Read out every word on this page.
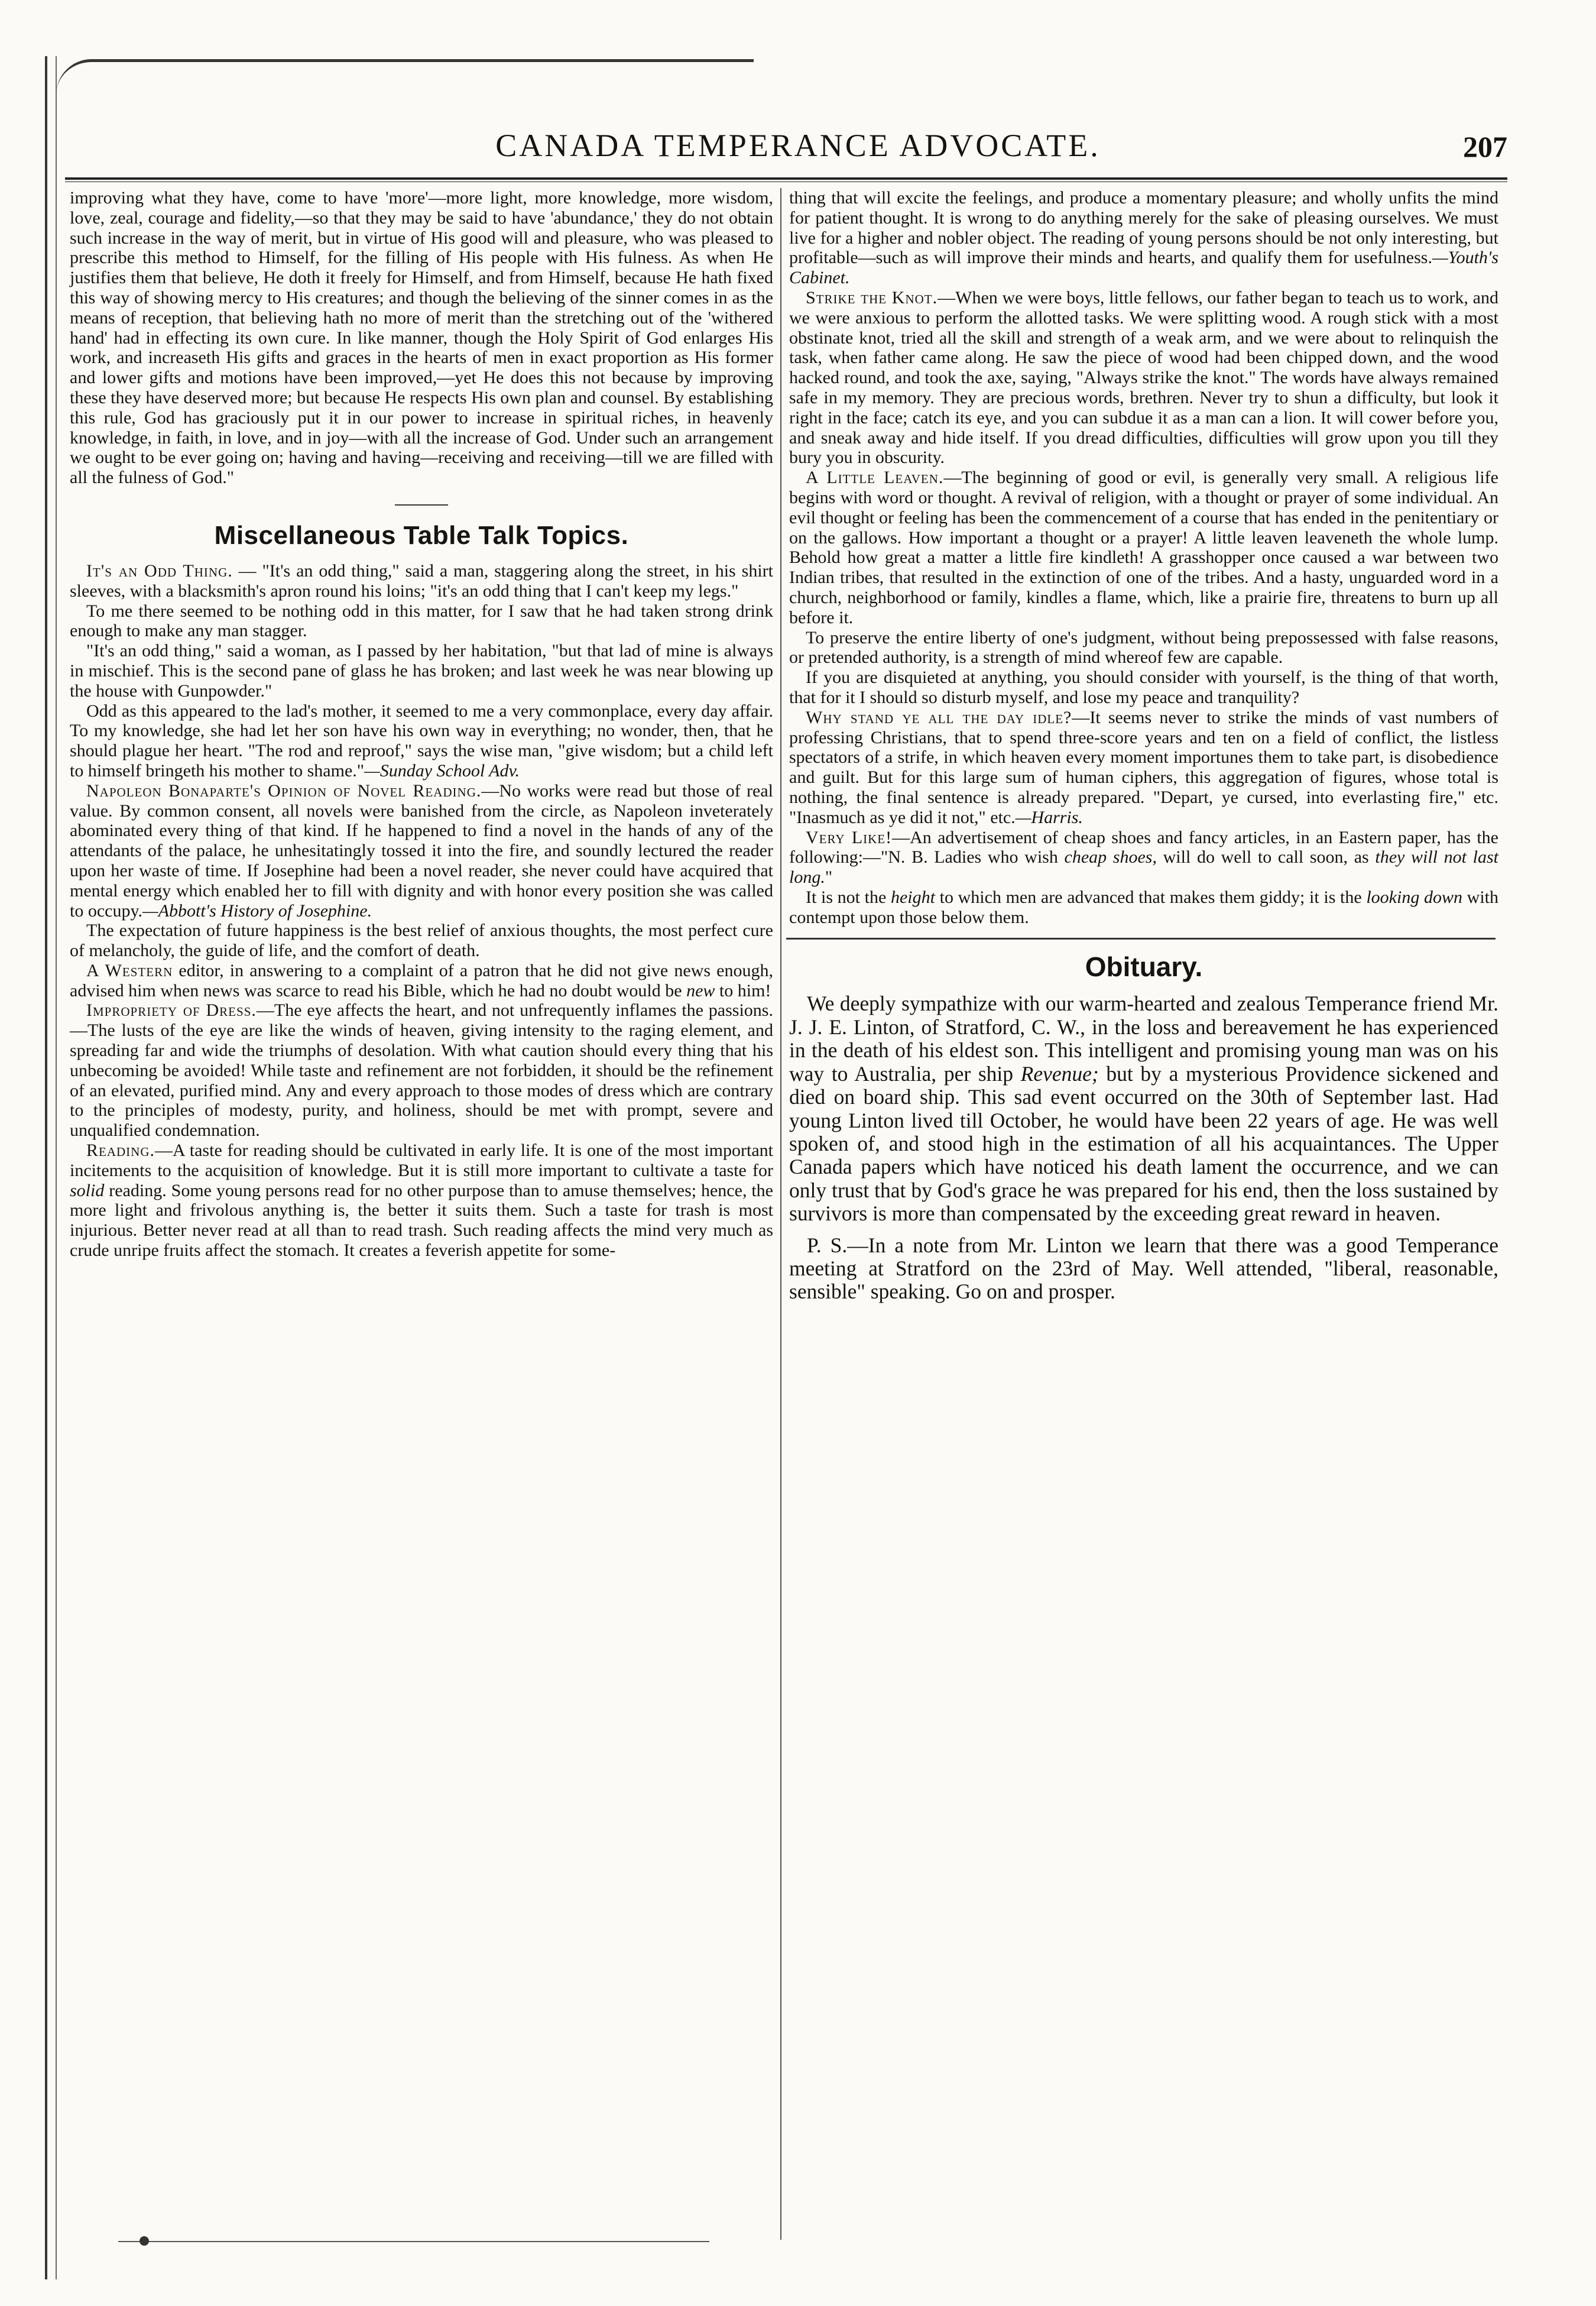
CANADA TEMPERANCE ADVOCATE.	207

improving what they have, come to have 'more'—more light, more knowledge, more wisdom, love, zeal, courage and fidelity,—so that they may be said to have 'abundance,' they do not obtain such increase in the way of merit, but in virtue of His good will and pleasure, who was pleased to prescribe this method to Himself, for the filling of His people with His fulness. As when He justifies them that believe, He doth it freely for Himself, and from Himself, because He hath fixed this way of showing mercy to His creatures; and though the believing of the sinner comes in as the means of reception, that believing hath no more of merit than the stretching out of the 'withered hand' had in effecting its own cure. In like manner, though the Holy Spirit of God enlarges His work, and increaseth His gifts and graces in the hearts of men in exact proportion as His former and lower gifts and motions have been improved,—yet He does this not because by improving these they have deserved more; but because He respects His own plan and counsel. By establishing this rule, God has graciously put it in our power to increase in spiritual riches, in heavenly knowledge, in faith, in love, and in joy—with all the increase of God. Under such an arrangement we ought to be ever going on; having and having—receiving and receiving—till we are filled with all the fulness of God."

Miscellaneous Table Talk Topics.

It's an Odd Thing. — "It's an odd thing," said a man, staggering along the street, in his shirt sleeves, with a blacksmith's apron round his loins; "it's an odd thing that I can't keep my legs."

To me there seemed to be nothing odd in this matter, for I saw that he had taken strong drink enough to make any man stagger.

"It's an odd thing," said a woman, as I passed by her habitation, "but that lad of mine is always in mischief. This is the second pane of glass he has broken; and last week he was near blowing up the house with Gunpowder."

Odd as this appeared to the lad's mother, it seemed to me a very commonplace, every day affair. To my knowledge, she had let her son have his own way in everything; no wonder, then, that he should plague her heart. "The rod and reproof," says the wise man, "give wisdom; but a child left to himself bringeth his mother to shame."—Sunday School Adv.

Napoleon Bonaparte's Opinion of Novel Reading.—No works were read but those of real value. By common consent, all novels were banished from the circle, as Napoleon inveterately abominated every thing of that kind. If he happened to find a novel in the hands of any of the attendants of the palace, he unhesitatingly tossed it into the fire, and soundly lectured the reader upon her waste of time. If Josephine had been a novel reader, she never could have acquired that mental energy which enabled her to fill with dignity and with honor every position she was called to occupy.—Abbott's History of Josephine.

The expectation of future happiness is the best relief of anxious thoughts, the most perfect cure of melancholy, the guide of life, and the comfort of death.

A Western editor, in answering to a complaint of a patron that he did not give news enough, advised him when news was scarce to read his Bible, which he had no doubt would be new to him!

Impropriety of Dress.—The eye affects the heart, and not unfrequently inflames the passions.—The lusts of the eye are like the winds of heaven, giving intensity to the raging element, and spreading far and wide the triumphs of desolation. With what caution should every thing that his unbecoming be avoided! While taste and refinement are not forbidden, it should be the refinement of an elevated, purified mind. Any and every approach to those modes of dress which are contrary to the principles of modesty, purity, and holiness, should be met with prompt, severe and unqualified condemnation.

Reading.—A taste for reading should be cultivated in early life. It is one of the most important incitements to the acquisition of knowledge. But it is still more important to cultivate a taste for solid reading. Some young persons read for no other purpose than to amuse themselves; hence, the more light and frivolous anything is, the better it suits them. Such a taste for trash is most injurious. Better never read at all than to read trash. Such reading affects the mind very much as crude unripe fruits affect the stomach. It creates a feverish appetite for some-

thing that will excite the feelings, and produce a momentary pleasure; and wholly unfits the mind for patient thought. It is wrong to do anything merely for the sake of pleasing ourselves. We must live for a higher and nobler object. The reading of young persons should be not only interesting, but profitable—such as will improve their minds and hearts, and qualify them for usefulness.—Youth's Cabinet.

Strike the Knot.—When we were boys, little fellows, our father began to teach us to work, and we were anxious to perform the allotted tasks. We were splitting wood. A rough stick with a most obstinate knot, tried all the skill and strength of a weak arm, and we were about to relinquish the task, when father came along. He saw the piece of wood had been chipped down, and the wood hacked round, and took the axe, saying, "Always strike the knot." The words have always remained safe in my memory. They are precious words, brethren. Never try to shun a difficulty, but look it right in the face; catch its eye, and you can subdue it as a man can a lion. It will cower before you, and sneak away and hide itself. If you dread difficulties, difficulties will grow upon you till they bury you in obscurity.

A Little Leaven.—The beginning of good or evil, is generally very small. A religious life begins with word or thought. A revival of religion, with a thought or prayer of some individual. An evil thought or feeling has been the commencement of a course that has ended in the penitentiary or on the gallows. How important a thought or a prayer! A little leaven leaveneth the whole lump. Behold how great a matter a little fire kindleth! A grasshopper once caused a war between two Indian tribes, that resulted in the extinction of one of the tribes. And a hasty, unguarded word in a church, neighborhood or family, kindles a flame, which, like a prairie fire, threatens to burn up all before it.

To preserve the entire liberty of one's judgment, without being prepossessed with false reasons, or pretended authority, is a strength of mind whereof few are capable.

If you are disquieted at anything, you should consider with yourself, is the thing of that worth, that for it I should so disturb myself, and lose my peace and tranquility?

Why stand ye all the day idle?—It seems never to strike the minds of vast numbers of professing Christians, that to spend three-score years and ten on a field of conflict, the listless spectators of a strife, in which heaven every moment importunes them to take part, is disobedience and guilt. But for this large sum of human ciphers, this aggregation of figures, whose total is nothing, the final sentence is already prepared. "Depart, ye cursed, into everlasting fire," etc. "Inasmuch as ye did it not," etc.—Harris.

Very Like!—An advertisement of cheap shoes and fancy articles, in an Eastern paper, has the following:—"N. B. Ladies who wish cheap shoes, will do well to call soon, as they will not last long."

It is not the height to which men are advanced that makes them giddy; it is the looking down with contempt upon those below them.

Obituary.

We deeply sympathize with our warm-hearted and zealous Temperance friend Mr. J. J. E. Linton, of Stratford, C. W., in the loss and bereavement he has experienced in the death of his eldest son. This intelligent and promising young man was on his way to Australia, per ship Revenue; but by a mysterious Providence sickened and died on board ship. This sad event occurred on the 30th of September last. Had young Linton lived till October, he would have been 22 years of age. He was well spoken of, and stood high in the estimation of all his acquaintances. The Upper Canada papers which have noticed his death lament the occurrence, and we can only trust that by God's grace he was prepared for his end, then the loss sustained by survivors is more than compensated by the exceeding great reward in heaven.

P. S.—In a note from Mr. Linton we learn that there was a good Temperance meeting at Stratford on the 23rd of May. Well attended, "liberal, reasonable, sensible" speaking. Go on and prosper.
